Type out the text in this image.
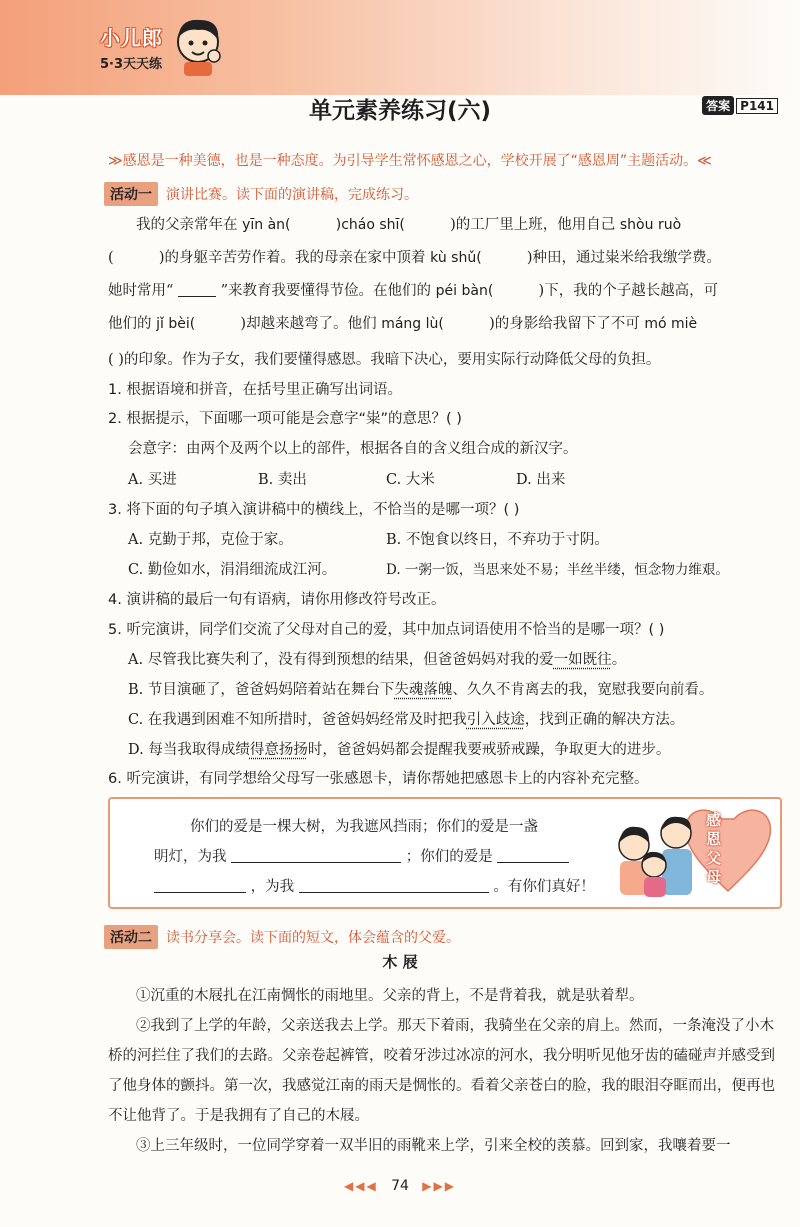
小儿郎
5·3天天练
单元素养练习(六)	答案 P141
≫感恩是一种美德，也是一种态度。为引导学生常怀感恩之心，学校开展了“感恩周”主题活动。≪
活动一	演讲比赛。读下面的演讲稿，完成练习。
我的父亲常年在 yīn àn(	)cháo shī(	)的工厂里上班，他用自己 shòu ruò
(	)的身躯辛苦劳作着。我的母亲在家中顶着 kù shǔ(	)种田，通过粜米给我缴学费。
她时常用“	”来教育我要懂得节俭。在他们的 péi bàn(	)下，我的个子越长越高，可
他们的 jǐ bèi(	)却越来越弯了。他们 máng lù(	)的身影给我留下了不可 mó miè
( )的印象。作为子女，我们要懂得感恩。我暗下决心，要用实际行动降低父母的负担。
1. 根据语境和拼音，在括号里正确写出词语。
2. 根据提示，下面哪一项可能是会意字“粜”的意思？( )
会意字：由两个及两个以上的部件，根据各自的含义组合成的新汉字。
A. 买进	B. 卖出	C. 大米	D. 出来
3. 将下面的句子填入演讲稿中的横线上，不恰当的是哪一项？( )
A. 克勤于邦，克俭于家。	B. 不饱食以终日，不弃功于寸阴。
C. 勤俭如水，涓涓细流成江河。	D. 一粥一饭，当思来处不易；半丝半缕，恒念物力维艰。
4. 演讲稿的最后一句有语病，请你用修改符号改正。
5. 听完演讲，同学们交流了父母对自己的爱，其中加点词语使用不恰当的是哪一项？( )
A. 尽管我比赛失利了，没有得到预想的结果，但爸爸妈妈对我的爱一如既往。
B. 节目演砸了，爸爸妈妈陪着站在舞台下失魂落魄、久久不肯离去的我，宽慰我要向前看。
C. 在我遇到困难不知所措时，爸爸妈妈经常及时把我引入歧途，找到正确的解决方法。
D. 每当我取得成绩得意扬扬时，爸爸妈妈都会提醒我要戒骄戒躁，争取更大的进步。
6. 听完演讲，有同学想给父母写一张感恩卡，请你帮她把感恩卡上的内容补充完整。
你们的爱是一棵大树，为我遮风挡雨；你们的爱是一盏
明灯，为我	；你们的爱是
，为我	。有你们真好！
感恩父母
活动二	读书分享会。读下面的短文，体会蕴含的父爱。
木 屐
①沉重的木屐扎在江南惆怅的雨地里。父亲的背上，不是背着我，就是驮着犁。
②我到了上学的年龄，父亲送我去上学。那天下着雨，我骑坐在父亲的肩上。然而，一条淹没了小木桥的河拦住了我们的去路。父亲卷起裤管，咬着牙涉过冰凉的河水，我分明听见他牙齿的磕碰声并感受到了他身体的颤抖。第一次，我感觉江南的雨天是惆怅的。看着父亲苍白的脸，我的眼泪夺眶而出，便再也不让他背了。于是我拥有了自己的木屐。
③上三年级时，一位同学穿着一双半旧的雨靴来上学，引来全校的羡慕。回到家，我嚷着要一
◀◀◀ 74 ▶▶▶
